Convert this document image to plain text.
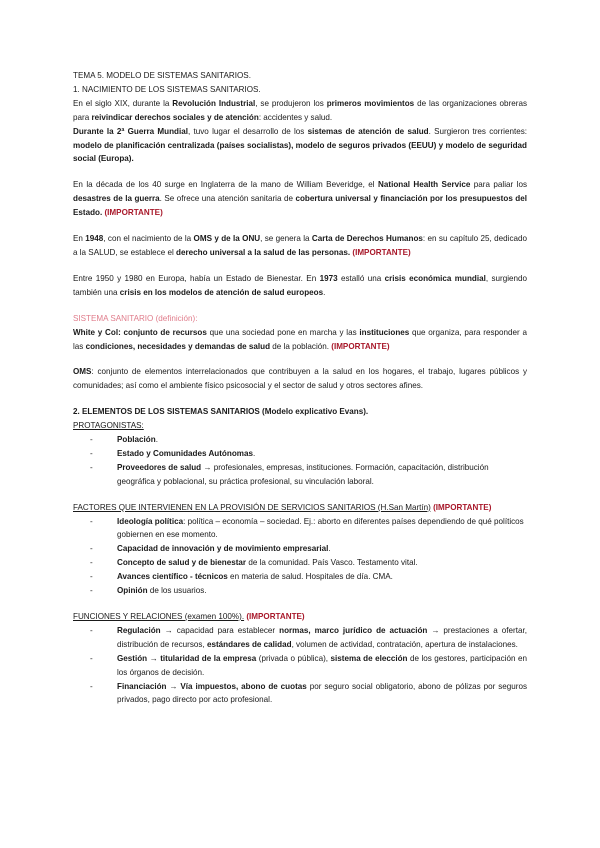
TEMA 5. MODELO DE SISTEMAS SANITARIOS.

1. NACIMIENTO DE LOS SISTEMAS SANITARIOS.

En el siglo XIX, durante la Revolución Industrial, se produjeron los primeros movimientos de las organizaciones obreras para reivindicar derechos sociales y de atención: accidentes y salud.

Durante la 2ª Guerra Mundial, tuvo lugar el desarrollo de los sistemas de atención de salud. Surgieron tres corrientes: modelo de planificación centralizada (países socialistas), modelo de seguros privados (EEUU) y modelo de seguridad social (Europa).

En la década de los 40 surge en Inglaterra de la mano de William Beveridge, el National Health Service para paliar los desastres de la guerra. Se ofrece una atención sanitaria de cobertura universal y financiación por los presupuestos del Estado. (IMPORTANTE)

En 1948, con el nacimiento de la OMS y de la ONU, se genera la Carta de Derechos Humanos: en su capítulo 25, dedicado a la SALUD, se establece el derecho universal a la salud de las personas. (IMPORTANTE)

Entre 1950 y 1980 en Europa, había un Estado de Bienestar. En 1973 estalló una crisis económica mundial, surgiendo también una crisis en los modelos de atención de salud europeos.

SISTEMA SANITARIO (definición):

White y Col: conjunto de recursos que una sociedad pone en marcha y las instituciones que organiza, para responder a las condiciones, necesidades y demandas de salud de la población. (IMPORTANTE)

OMS: conjunto de elementos interrelacionados que contribuyen a la salud en los hogares, el trabajo, lugares públicos y comunidades; así como el ambiente físico psicosocial y el sector de salud y otros sectores afines.

2. ELEMENTOS DE LOS SISTEMAS SANITARIOS (Modelo explicativo Evans).

PROTAGONISTAS:

- Población.
- Estado y Comunidades Autónomas.
- Proveedores de salud → profesionales, empresas, instituciones. Formación, capacitación, distribución geográfica y poblacional, su práctica profesional, su vinculación laboral.

FACTORES QUE INTERVIENEN EN LA PROVISIÓN DE SERVICIOS SANITARIOS (H.San Martín) (IMPORTANTE)

- Ideología política: política – economía – sociedad. Ej.: aborto en diferentes países dependiendo de qué políticos gobiernen en ese momento.
- Capacidad de innovación y de movimiento empresarial.
- Concepto de salud y de bienestar de la comunidad. País Vasco. Testamento vital.
- Avances científico - técnicos en materia de salud. Hospitales de día. CMA.
- Opinión de los usuarios.

FUNCIONES Y RELACIONES (examen 100%). (IMPORTANTE)

- Regulación → capacidad para establecer normas, marco jurídico de actuación → prestaciones a ofertar, distribución de recursos, estándares de calidad, volumen de actividad, contratación, apertura de instalaciones.
- Gestión → titularidad de la empresa (privada o pública), sistema de elección de los gestores, participación en los órganos de decisión.
- Financiación → Vía impuestos, abono de cuotas por seguro social obligatorio, abono de pólizas por seguros privados, pago directo por acto profesional.
